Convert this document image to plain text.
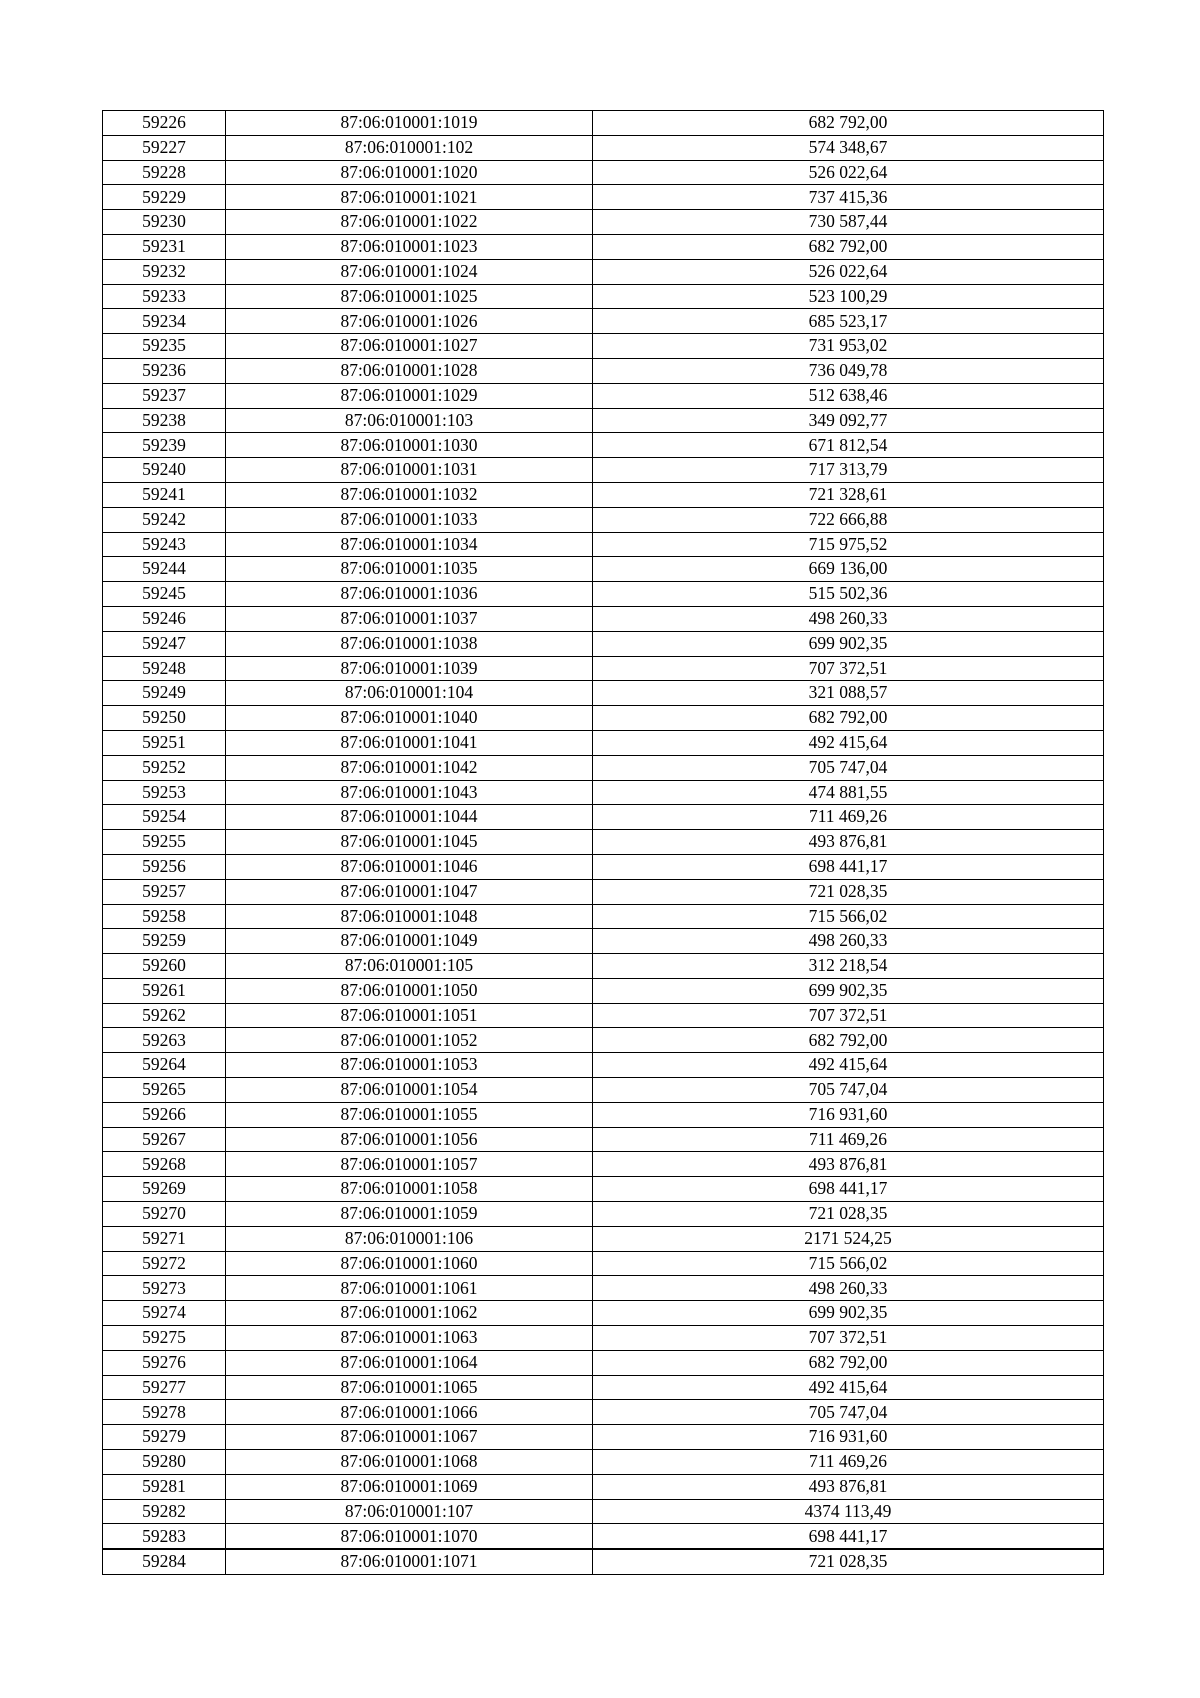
59226	87:06:010001:1019	682 792,00
59227	87:06:010001:102	574 348,67
59228	87:06:010001:1020	526 022,64
59229	87:06:010001:1021	737 415,36
59230	87:06:010001:1022	730 587,44
59231	87:06:010001:1023	682 792,00
59232	87:06:010001:1024	526 022,64
59233	87:06:010001:1025	523 100,29
59234	87:06:010001:1026	685 523,17
59235	87:06:010001:1027	731 953,02
59236	87:06:010001:1028	736 049,78
59237	87:06:010001:1029	512 638,46
59238	87:06:010001:103	349 092,77
59239	87:06:010001:1030	671 812,54
59240	87:06:010001:1031	717 313,79
59241	87:06:010001:1032	721 328,61
59242	87:06:010001:1033	722 666,88
59243	87:06:010001:1034	715 975,52
59244	87:06:010001:1035	669 136,00
59245	87:06:010001:1036	515 502,36
59246	87:06:010001:1037	498 260,33
59247	87:06:010001:1038	699 902,35
59248	87:06:010001:1039	707 372,51
59249	87:06:010001:104	321 088,57
59250	87:06:010001:1040	682 792,00
59251	87:06:010001:1041	492 415,64
59252	87:06:010001:1042	705 747,04
59253	87:06:010001:1043	474 881,55
59254	87:06:010001:1044	711 469,26
59255	87:06:010001:1045	493 876,81
59256	87:06:010001:1046	698 441,17
59257	87:06:010001:1047	721 028,35
59258	87:06:010001:1048	715 566,02
59259	87:06:010001:1049	498 260,33
59260	87:06:010001:105	312 218,54
59261	87:06:010001:1050	699 902,35
59262	87:06:010001:1051	707 372,51
59263	87:06:010001:1052	682 792,00
59264	87:06:010001:1053	492 415,64
59265	87:06:010001:1054	705 747,04
59266	87:06:010001:1055	716 931,60
59267	87:06:010001:1056	711 469,26
59268	87:06:010001:1057	493 876,81
59269	87:06:010001:1058	698 441,17
59270	87:06:010001:1059	721 028,35
59271	87:06:010001:106	2171 524,25
59272	87:06:010001:1060	715 566,02
59273	87:06:010001:1061	498 260,33
59274	87:06:010001:1062	699 902,35
59275	87:06:010001:1063	707 372,51
59276	87:06:010001:1064	682 792,00
59277	87:06:010001:1065	492 415,64
59278	87:06:010001:1066	705 747,04
59279	87:06:010001:1067	716 931,60
59280	87:06:010001:1068	711 469,26
59281	87:06:010001:1069	493 876,81
59282	87:06:010001:107	4374 113,49
59283	87:06:010001:1070	698 441,17
59284	87:06:010001:1071	721 028,35
